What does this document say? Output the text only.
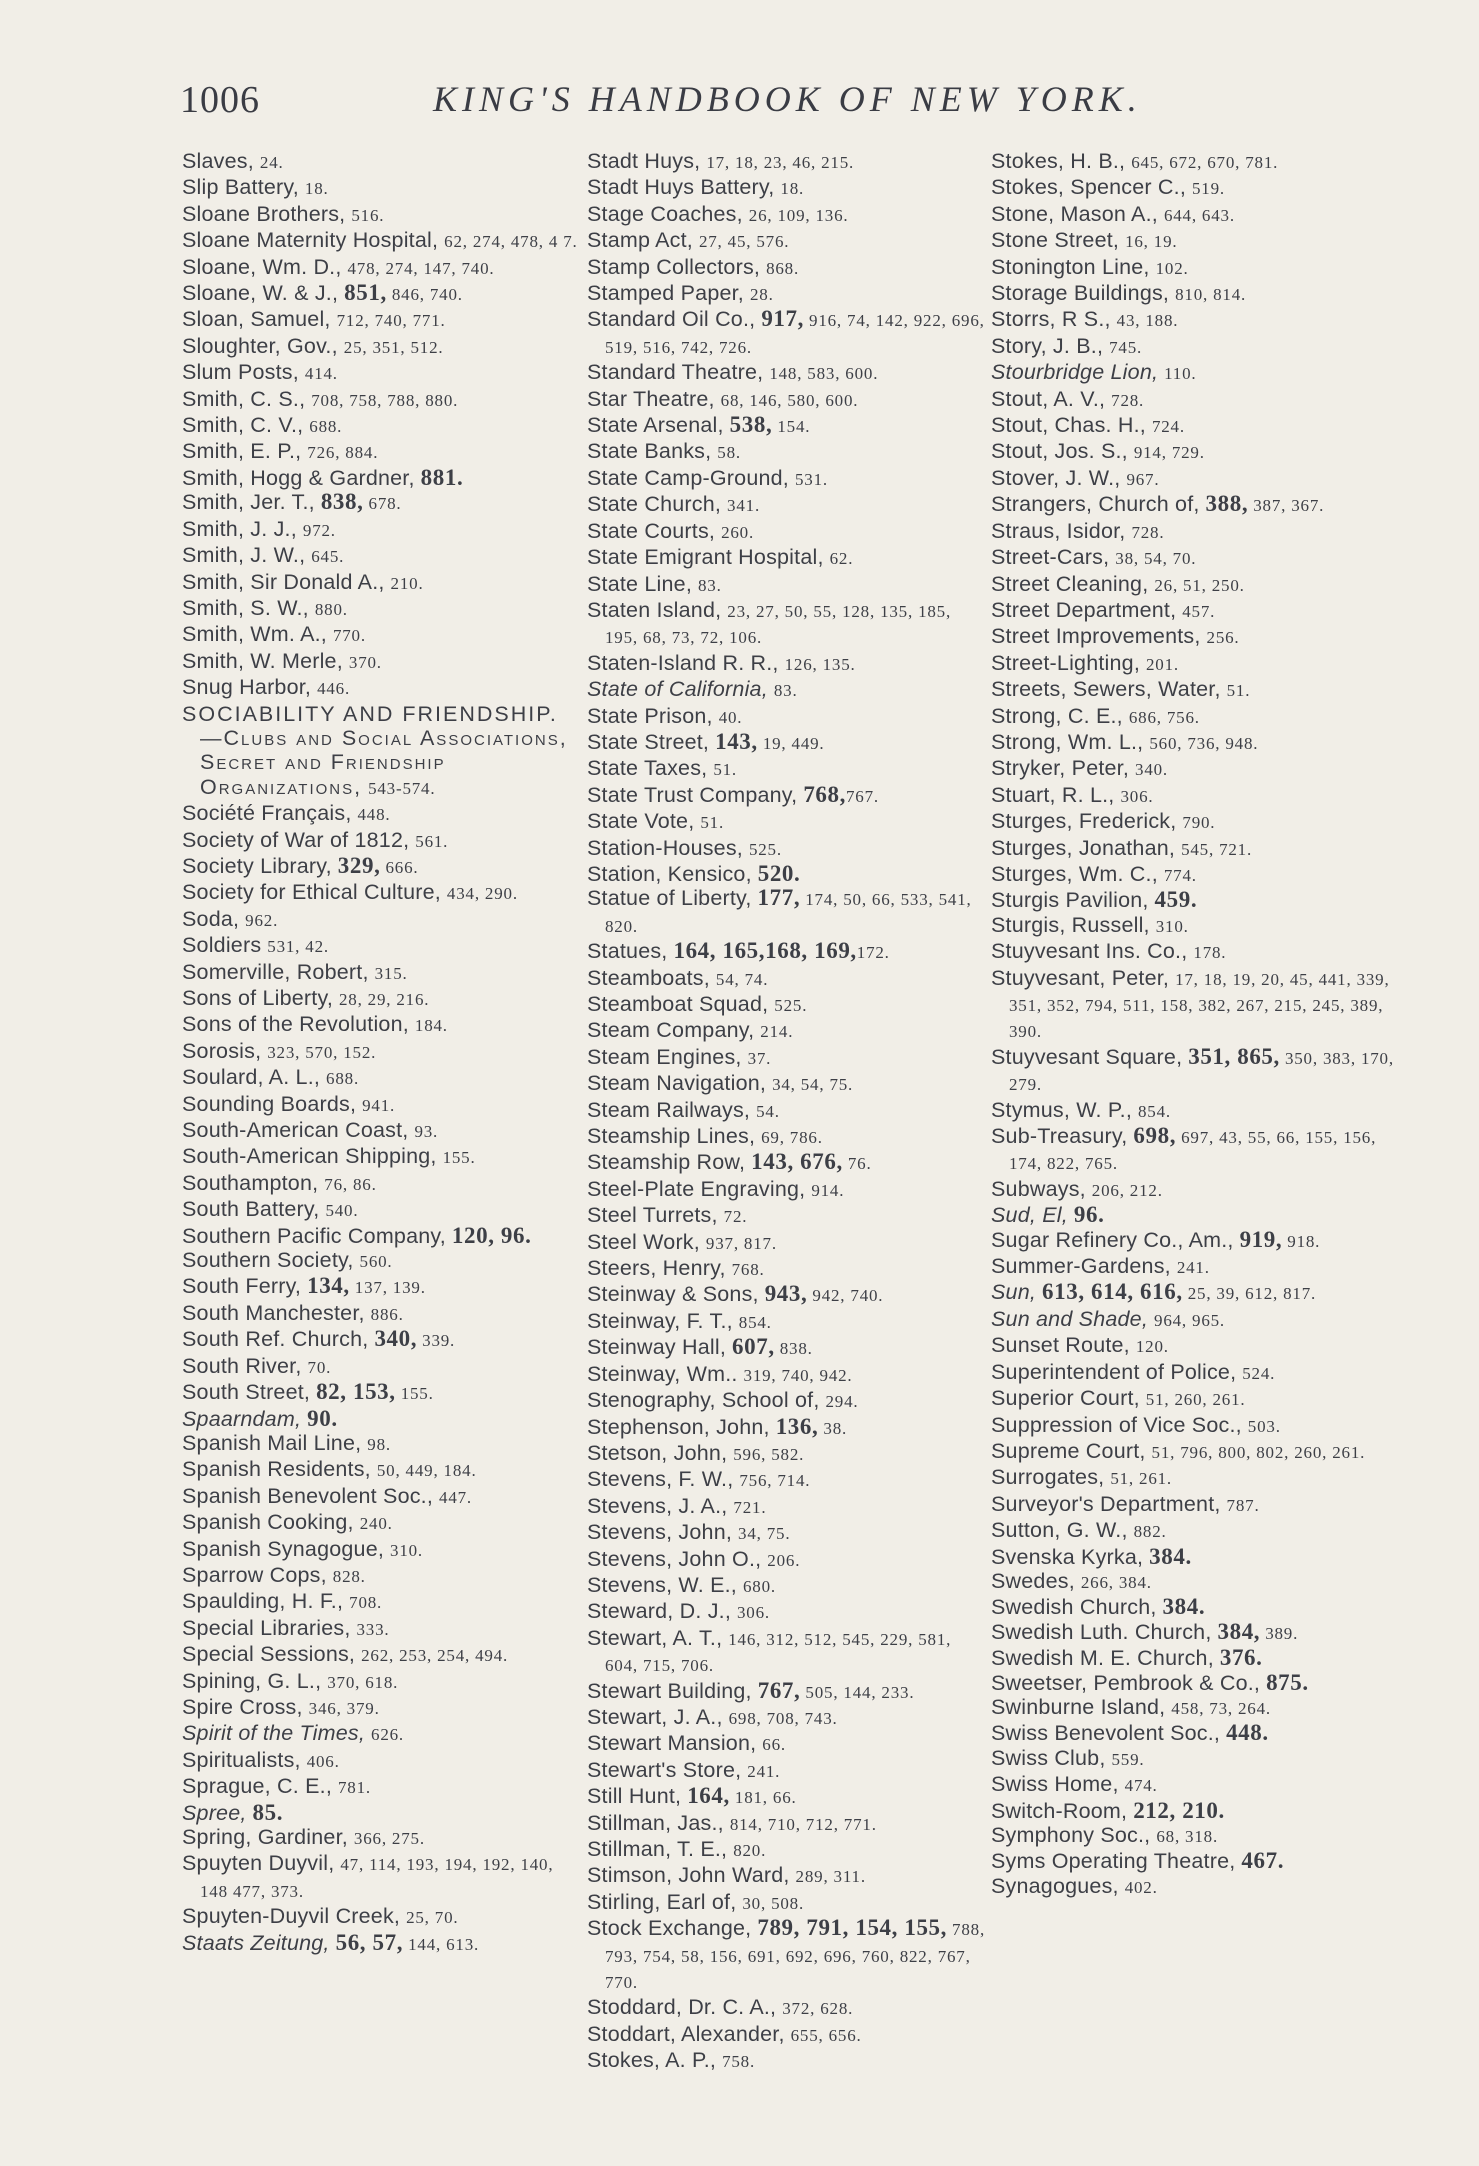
1006	KING'S HANDBOOK OF NEW YORK.
Slaves, 24.
Slip Battery, 18.
Sloane Brothers, 516.
Sloane Maternity Hospital, 62, 274, 478, 4 7.
Sloane, Wm. D., 478, 274, 147, 740.
Sloane, W. & J., 851, 846, 740.
Sloan, Samuel, 712, 740, 771.
Sloughter, Gov., 25, 351, 512.
Slum Posts, 414.
Smith, C. S., 708, 758, 788, 880.
Smith, C. V., 688.
Smith, E. P., 726, 884.
Smith, Hogg & Gardner, 881.
Smith, Jer. T., 838, 678.
Smith, J. J., 972.
Smith, J. W., 645.
Smith, Sir Donald A., 210.
Smith, S. W., 880.
Smith, Wm. A., 770.
Smith, W. Merle, 370.
Snug Harbor, 446.
SOCIABILITY AND FRIENDSHIP. —Clubs and Social Associations, Secret and Friendship Organizations, 543-574.
Société Français, 448.
Society of War of 1812, 561.
Society Library, 329, 666.
Society for Ethical Culture, 434, 290.
Soda, 962.
Soldiers 531, 42.
Somerville, Robert, 315.
Sons of Liberty, 28, 29, 216.
Sons of the Revolution, 184.
Sorosis, 323, 570, 152.
Soulard, A. L., 688.
Sounding Boards, 941.
South-American Coast, 93.
South-American Shipping, 155.
Southampton, 76, 86.
South Battery, 540.
Southern Pacific Company, 120, 96.
Southern Society, 560.
South Ferry, 134, 137, 139.
South Manchester, 886.
South Ref. Church, 340, 339.
South River, 70.
South Street, 82, 153, 155.
Spaarndam, 90.
Spanish Mail Line, 98.
Spanish Residents, 50, 449, 184.
Spanish Benevolent Soc., 447.
Spanish Cooking, 240.
Spanish Synagogue, 310.
Sparrow Cops, 828.
Spaulding, H. F., 708.
Special Libraries, 333.
Special Sessions, 262, 253, 254, 494.
Spining, G. L., 370, 618.
Spire Cross, 346, 379.
Spirit of the Times, 626.
Spiritualists, 406.
Sprague, C. E., 781.
Spree, 85.
Spring, Gardiner, 366, 275.
Spuyten Duyvil, 47, 114, 193, 194, 192, 140, 148 477, 373.
Spuyten-Duyvil Creek, 25, 70.
Staats Zeitung, 56, 57, 144, 613.
Stadt Huys, 17, 18, 23, 46, 215.
Stadt Huys Battery, 18.
Stage Coaches, 26, 109, 136.
Stamp Act, 27, 45, 576.
Stamp Collectors, 868.
Stamped Paper, 28.
Standard Oil Co., 917, 916, 74, 142, 922, 696, 519, 516, 742, 726.
Standard Theatre, 148, 583, 600.
Star Theatre, 68, 146, 580, 600.
State Arsenal, 538, 154.
State Banks, 58.
State Camp-Ground, 531.
State Church, 341.
State Courts, 260.
State Emigrant Hospital, 62.
State Line, 83.
Staten Island, 23, 27, 50, 55, 128, 135, 185, 195, 68, 73, 72, 106.
Staten-Island R. R., 126, 135.
State of California, 83.
State Prison, 40.
State Street, 143, 19, 449.
State Taxes, 51.
State Trust Company, 768,767.
State Vote, 51.
Station-Houses, 525.
Station, Kensico, 520.
Statue of Liberty, 177, 174, 50, 66, 533, 541, 820.
Statues, 164, 165,168, 169,172.
Steamboats, 54, 74.
Steamboat Squad, 525.
Steam Company, 214.
Steam Engines, 37.
Steam Navigation, 34, 54, 75.
Steam Railways, 54.
Steamship Lines, 69, 786.
Steamship Row, 143, 676, 76.
Steel-Plate Engraving, 914.
Steel Turrets, 72.
Steel Work, 937, 817.
Steers, Henry, 768.
Steinway & Sons, 943, 942, 740.
Steinway, F. T., 854.
Steinway Hall, 607, 838.
Steinway, Wm.. 319, 740, 942.
Stenography, School of, 294.
Stephenson, John, 136, 38.
Stetson, John, 596, 582.
Stevens, F. W., 756, 714.
Stevens, J. A., 721.
Stevens, John, 34, 75.
Stevens, John O., 206.
Stevens, W. E., 680.
Steward, D. J., 306.
Stewart, A. T., 146, 312, 512, 545, 229, 581, 604, 715, 706.
Stewart Building, 767, 505, 144, 233.
Stewart, J. A., 698, 708, 743.
Stewart Mansion, 66.
Stewart's Store, 241.
Still Hunt, 164, 181, 66.
Stillman, Jas., 814, 710, 712, 771.
Stillman, T. E., 820.
Stimson, John Ward, 289, 311.
Stirling, Earl of, 30, 508.
Stock Exchange, 789, 791, 154, 155, 788, 793, 754, 58, 156, 691, 692, 696, 760, 822, 767, 770.
Stoddard, Dr. C. A., 372, 628.
Stoddart, Alexander, 655, 656.
Stokes, A. P., 758.
Stokes, H. B., 645, 672, 670, 781.
Stokes, Spencer C., 519.
Stone, Mason A., 644, 643.
Stone Street, 16, 19.
Stonington Line, 102.
Storage Buildings, 810, 814.
Storrs, R S., 43, 188.
Story, J. B., 745.
Stourbridge Lion, 110.
Stout, A. V., 728.
Stout, Chas. H., 724.
Stout, Jos. S., 914, 729.
Stover, J. W., 967.
Strangers, Church of, 388, 387, 367.
Straus, Isidor, 728.
Street-Cars, 38, 54, 70.
Street Cleaning, 26, 51, 250.
Street Department, 457.
Street Improvements, 256.
Street-Lighting, 201.
Streets, Sewers, Water, 51.
Strong, C. E., 686, 756.
Strong, Wm. L., 560, 736, 948.
Stryker, Peter, 340.
Stuart, R. L., 306.
Sturges, Frederick, 790.
Sturges, Jonathan, 545, 721.
Sturges, Wm. C., 774.
Sturgis Pavilion, 459.
Sturgis, Russell, 310.
Stuyvesant Ins. Co., 178.
Stuyvesant, Peter, 17, 18, 19, 20, 45, 441, 339, 351, 352, 794, 511, 158, 382, 267, 215, 245, 389, 390.
Stuyvesant Square, 351, 865, 350, 383, 170, 279.
Stymus, W. P., 854.
Sub-Treasury, 698, 697, 43, 55, 66, 155, 156, 174, 822, 765.
Subways, 206, 212.
Sud, El, 96.
Sugar Refinery Co., Am., 919, 918.
Summer-Gardens, 241.
Sun, 613, 614, 616, 25, 39, 612, 817.
Sun and Shade, 964, 965.
Sunset Route, 120.
Superintendent of Police, 524.
Superior Court, 51, 260, 261.
Suppression of Vice Soc., 503.
Supreme Court, 51, 796, 800, 802, 260, 261.
Surrogates, 51, 261.
Surveyor's Department, 787.
Sutton, G. W., 882.
Svenska Kyrka, 384.
Swedes, 266, 384.
Swedish Church, 384.
Swedish Luth. Church, 384, 389.
Swedish M. E. Church, 376.
Sweetser, Pembrook & Co., 875.
Swinburne Island, 458, 73, 264.
Swiss Benevolent Soc., 448.
Swiss Club, 559.
Swiss Home, 474.
Switch-Room, 212, 210.
Symphony Soc., 68, 318.
Syms Operating Theatre, 467.
Synagogues, 402.
